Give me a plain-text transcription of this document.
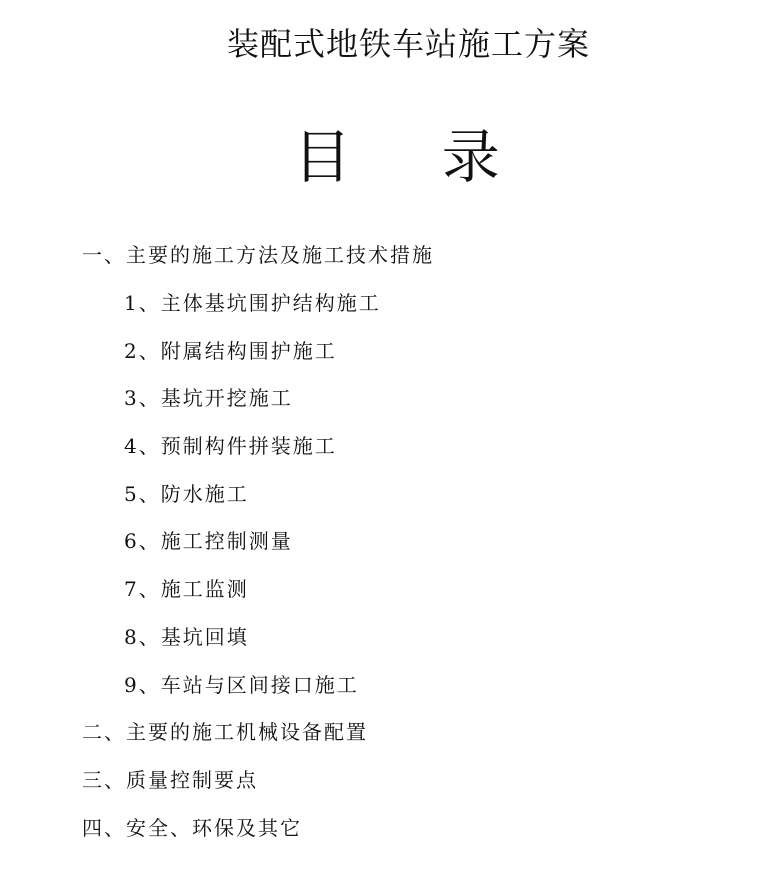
装配式地铁车站施工方案
目 录
一、主要的施工方法及施工技术措施
1、主体基坑围护结构施工
2、附属结构围护施工
3、基坑开挖施工
4、预制构件拼装施工
5、防水施工
6、施工控制测量
7、施工监测
8、基坑回填
9、车站与区间接口施工
二、主要的施工机械设备配置
三、质量控制要点
四、安全、环保及其它
